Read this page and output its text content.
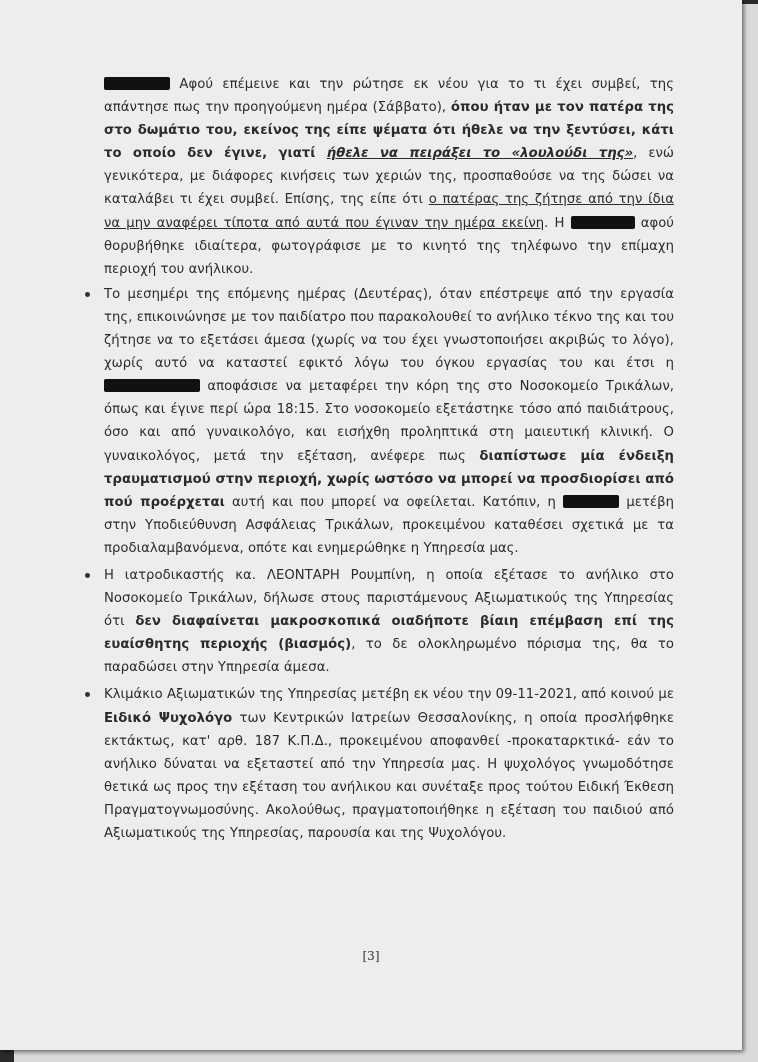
Αφού επέμεινε και την ρώτησε εκ νέου για το τι έχει συμβεί, της απάντησε πως την προηγούμενη ημέρα (Σάββατο), όπου ήταν με τον πατέρα της στο δωμάτιο του, εκείνος της είπε ψέματα ότι ήθελε να την ξεντύσει, κάτι το οποίο δεν έγινε, γιατί ήθελε να πειράξει το «λουλούδι της», ενώ γενικότερα, με διάφορες κινήσεις των χεριών της, προσπαθούσε να της δώσει να καταλάβει τι έχει συμβεί. Επίσης, της είπε ότι ο πατέρας της ζήτησε από την ίδια να μην αναφέρει τίποτα από αυτά που έγιναν την ημέρα εκείνη. Η	αφού θορυβήθηκε ιδιαίτερα, φωτογράφισε με το κινητό της τηλέφωνο την επίμαχη περιοχή του ανήλικου.

Το μεσημέρι της επόμενης ημέρας (Δευτέρας), όταν επέστρεψε από την εργασία της, επικοινώνησε με τον παιδίατρο που παρακολουθεί το ανήλικο τέκνο της και του ζήτησε να το εξετάσει άμεσα (χωρίς να του έχει γνωστοποιήσει ακριβώς το λόγο), χωρίς αυτό να καταστεί εφικτό λόγω του όγκου εργασίας του και έτσι η  αποφάσισε να μεταφέρει την κόρη της στο Νοσοκομείο Τρικάλων, όπως και έγινε περί ώρα 18:15. Στο νοσοκομείο εξετάστηκε τόσο από παιδιάτρους, όσο και από γυναικολόγο, και εισήχθη προληπτικά στη μαιευτική κλινική. Ο γυναικολόγος, μετά την εξέταση, ανέφερε πως διαπίστωσε μία ένδειξη τραυματισμού στην περιοχή, χωρίς ωστόσο να μπορεί να προσδιορίσει από πού προέρχεται αυτή και που μπορεί να οφείλεται. Κατόπιν, η	μετέβη στην Υποδιεύθυνση Ασφάλειας Τρικάλων, προκειμένου καταθέσει σχετικά με τα προδιαλαμβανόμενα, οπότε και ενημερώθηκε η Υπηρεσία μας.
Η ιατροδικαστής κα. ΛΕΟΝΤΑΡΗ Ρουμπίνη, η οποία εξέτασε το ανήλικο στο Νοσοκομείο Τρικάλων, δήλωσε στους παριστάμενους Αξιωματικούς της Υπηρεσίας ότι δεν διαφαίνεται μακροσκοπικά οιαδήποτε βίαιη επέμβαση επί της ευαίσθητης περιοχής (βιασμός), το δε ολοκληρωμένο πόρισμα της, θα το παραδώσει στην Υπηρεσία άμεσα.
Κλιμάκιο Αξιωματικών της Υπηρεσίας μετέβη εκ νέου την 09-11-2021, από κοινού με Ειδικό Ψυχολόγο των Κεντρικών Ιατρείων Θεσσαλονίκης, η οποία προσλήφθηκε εκτάκτως, κατ' αρθ. 187 Κ.Π.Δ., προκειμένου αποφανθεί -προκαταρκτικά- εάν το ανήλικο δύναται να εξεταστεί από την Υπηρεσία μας. Η ψυχολόγος γνωμοδότησε θετικά ως προς την εξέταση του ανήλικου και συνέταξε προς τούτου Ειδική Έκθεση Πραγματογνωμοσύνης. Ακολούθως, πραγματοποιήθηκε η εξέταση του παιδιού από Αξιωματικούς της Υπηρεσίας, παρουσία και της Ψυχολόγου.
[3]
